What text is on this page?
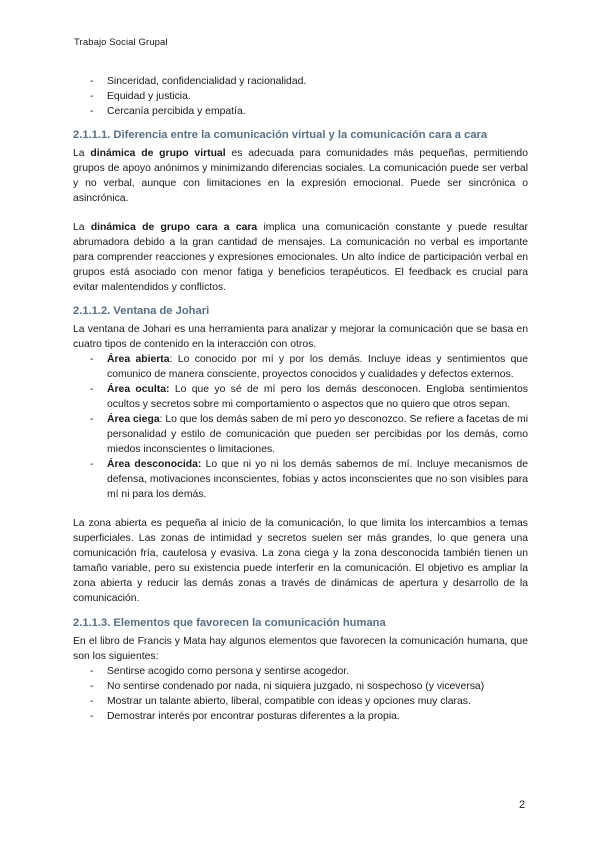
Trabajo Social Grupal
- Sinceridad, confidencialidad y racionalidad.
- Equidad y justicia.
- Cercanía percibida y empatía.
2.1.1.1. Diferencia entre la comunicación virtual y la comunicación cara a cara

La dinámica de grupo virtual es adecuada para comunidades más pequeñas, permitiendo grupos de apoyo anónimos y minimizando diferencias sociales. La comunicación puede ser verbal y no verbal, aunque con limitaciones en la expresión emocional. Puede ser sincrónica o asincrónica.

La dinámica de grupo cara a cara implica una comunicación constante y puede resultar abrumadora debido a la gran cantidad de mensajes. La comunicación no verbal es importante para comprender reacciones y expresiones emocionales. Un alto índice de participación verbal en grupos está asociado con menor fatiga y beneficios terapéuticos. El feedback es crucial para evitar malentendidos y conflictos.

2.1.1.2. Ventana de Johari

La ventana de Johari es una herramienta para analizar y mejorar la comunicación que se basa en cuatro tipos de contenido en la interacción con otros.

- Área abierta: Lo conocido por mí y por los demás. Incluye ideas y sentimientos que comunico de manera consciente, proyectos conocidos y cualidades y defectos externos.
- Área oculta: Lo que yo sé de mí pero los demás desconocen. Engloba sentimientos ocultos y secretos sobre mi comportamiento o aspectos que no quiero que otros sepan.
- Área ciega: Lo que los demás saben de mí pero yo desconozco. Se refiere a facetas de mi personalidad y estilo de comunicación que pueden ser percibidas por los demás, como miedos inconscientes o limitaciones.
- Área desconocida: Lo que ni yo ni los demás sabemos de mí. Incluye mecanismos de defensa, motivaciones inconscientes, fobias y actos inconscientes que no son visibles para mí ni para los demás.

La zona abierta es pequeña al inicio de la comunicación, lo que limita los intercambios a temas superficiales. Las zonas de intimidad y secretos suelen ser más grandes, lo que genera una comunicación fría, cautelosa y evasiva. La zona ciega y la zona desconocida también tienen un tamaño variable, pero su existencia puede interferir en la comunicación. El objetivo es ampliar la zona abierta y reducir las demás zonas a través de dinámicas de apertura y desarrollo de la comunicación.

2.1.1.3. Elementos que favorecen la comunicación humana

En el libro de Francis y Mata hay algunos elementos que favorecen la comunicación humana, que son los siguientes:

- Sentirse acogido como persona y sentirse acogedor.
- No sentirse condenado por nada, ni siquiera juzgado, ni sospechoso (y viceversa)
- Mostrar un talante abierto, liberal, compatible con ideas y opciones muy claras.
- Demostrar interés por encontrar posturas diferentes a la propia.
2
